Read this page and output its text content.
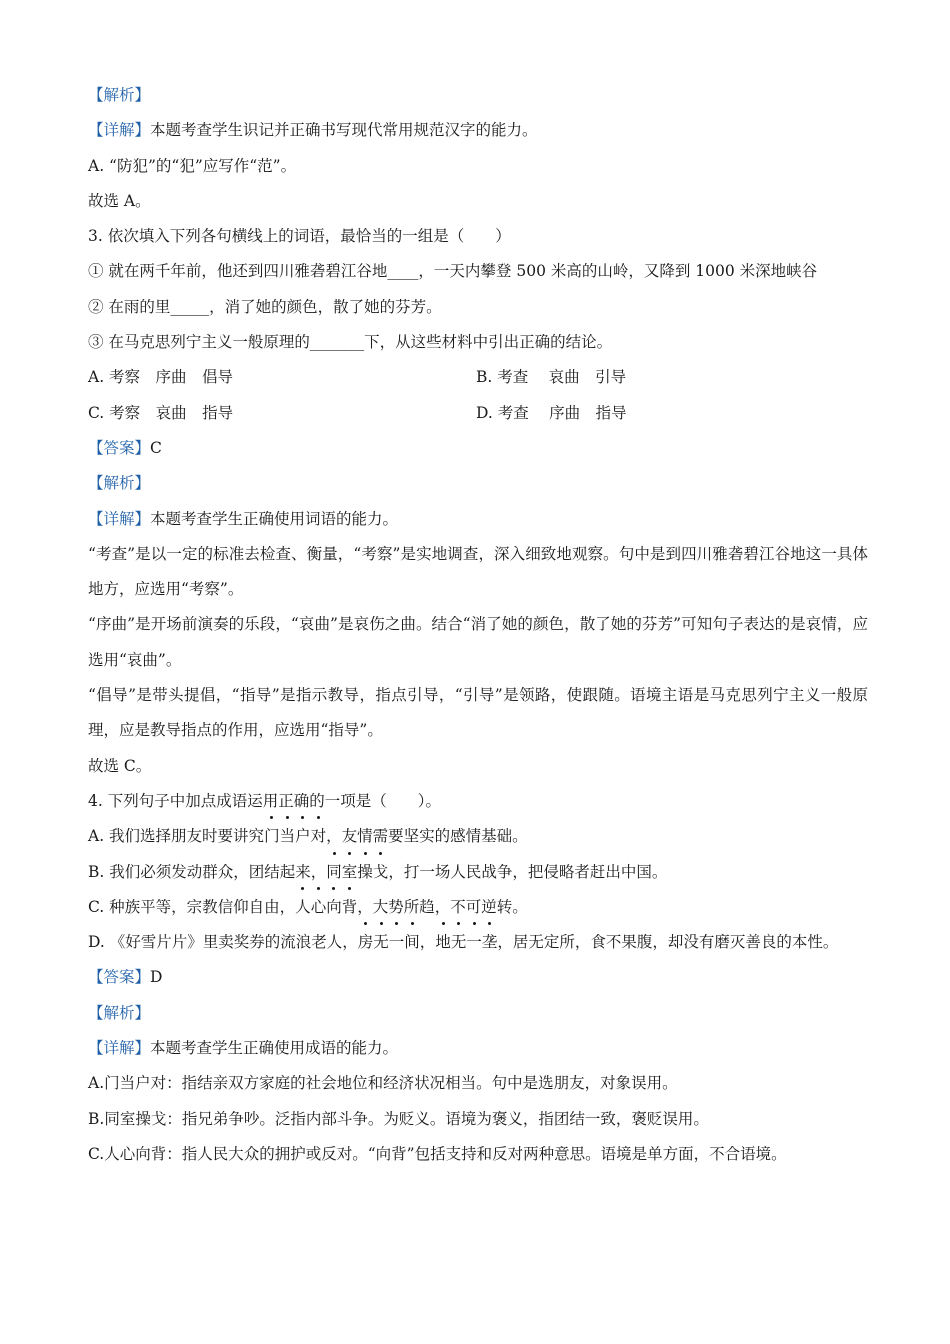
【解析】
【详解】本题考查学生识记并正确书写现代常用规范汉字的能力。
A. “防犯”的“犯”应写作“范”。
故选 A。
3. 依次填入下列各句横线上的词语，最恰当的一组是（　　）
① 就在两千年前，他还到四川雅砻碧江谷地____，一天内攀登 500 米高的山岭，又降到 1000 米深地峡谷
② 在雨的里_____，消了她的颜色，散了她的芬芳。
③ 在马克思列宁主义一般原理的_______下，从这些材料中引出正确的结论。
A. 考察　序曲　倡导	B. 考查　 哀曲　引导
C. 考察　哀曲　指导	D. 考查　 序曲　指导
【答案】C
【解析】
【详解】本题考查学生正确使用词语的能力。
“考查”是以一定的标准去检查、衡量，“考察”是实地调查，深入细致地观察。句中是到四川雅砻碧江谷地这一具体地方，应选用“考察”。
“序曲”是开场前演奏的乐段，“哀曲”是哀伤之曲。结合“消了她的颜色，散了她的芬芳”可知句子表达的是哀情，应选用“哀曲”。
“倡导”是带头提倡，“指导”是指示教导，指点引导，“引导”是领路，使跟随。语境主语是马克思列宁主义一般原理，应是教导指点的作用，应选用“指导”。
故选 C。
4. 下列句子中加点成语运用正确的一项是（　　）。
A. 我们选择朋友时要讲究门当户对，友情需要坚实的感情基础。
B. 我们必须发动群众，团结起来，同室操戈，打一场人民战争，把侵略者赶出中国。
C. 种族平等，宗教信仰自由，人心向背，大势所趋，不可逆转。
D. 《好雪片片》里卖奖券的流浪老人，房无一间，地无一垄，居无定所，食不果腹，却没有磨灭善良的本性。
【答案】D
【解析】
【详解】本题考查学生正确使用成语的能力。
A.门当户对：指结亲双方家庭的社会地位和经济状况相当。句中是选朋友，对象误用。
B.同室操戈：指兄弟争吵。泛指内部斗争。为贬义。语境为褒义，指团结一致，褒贬误用。
C.人心向背：指人民大众的拥护或反对。“向背”包括支持和反对两种意思。语境是单方面，不合语境。
